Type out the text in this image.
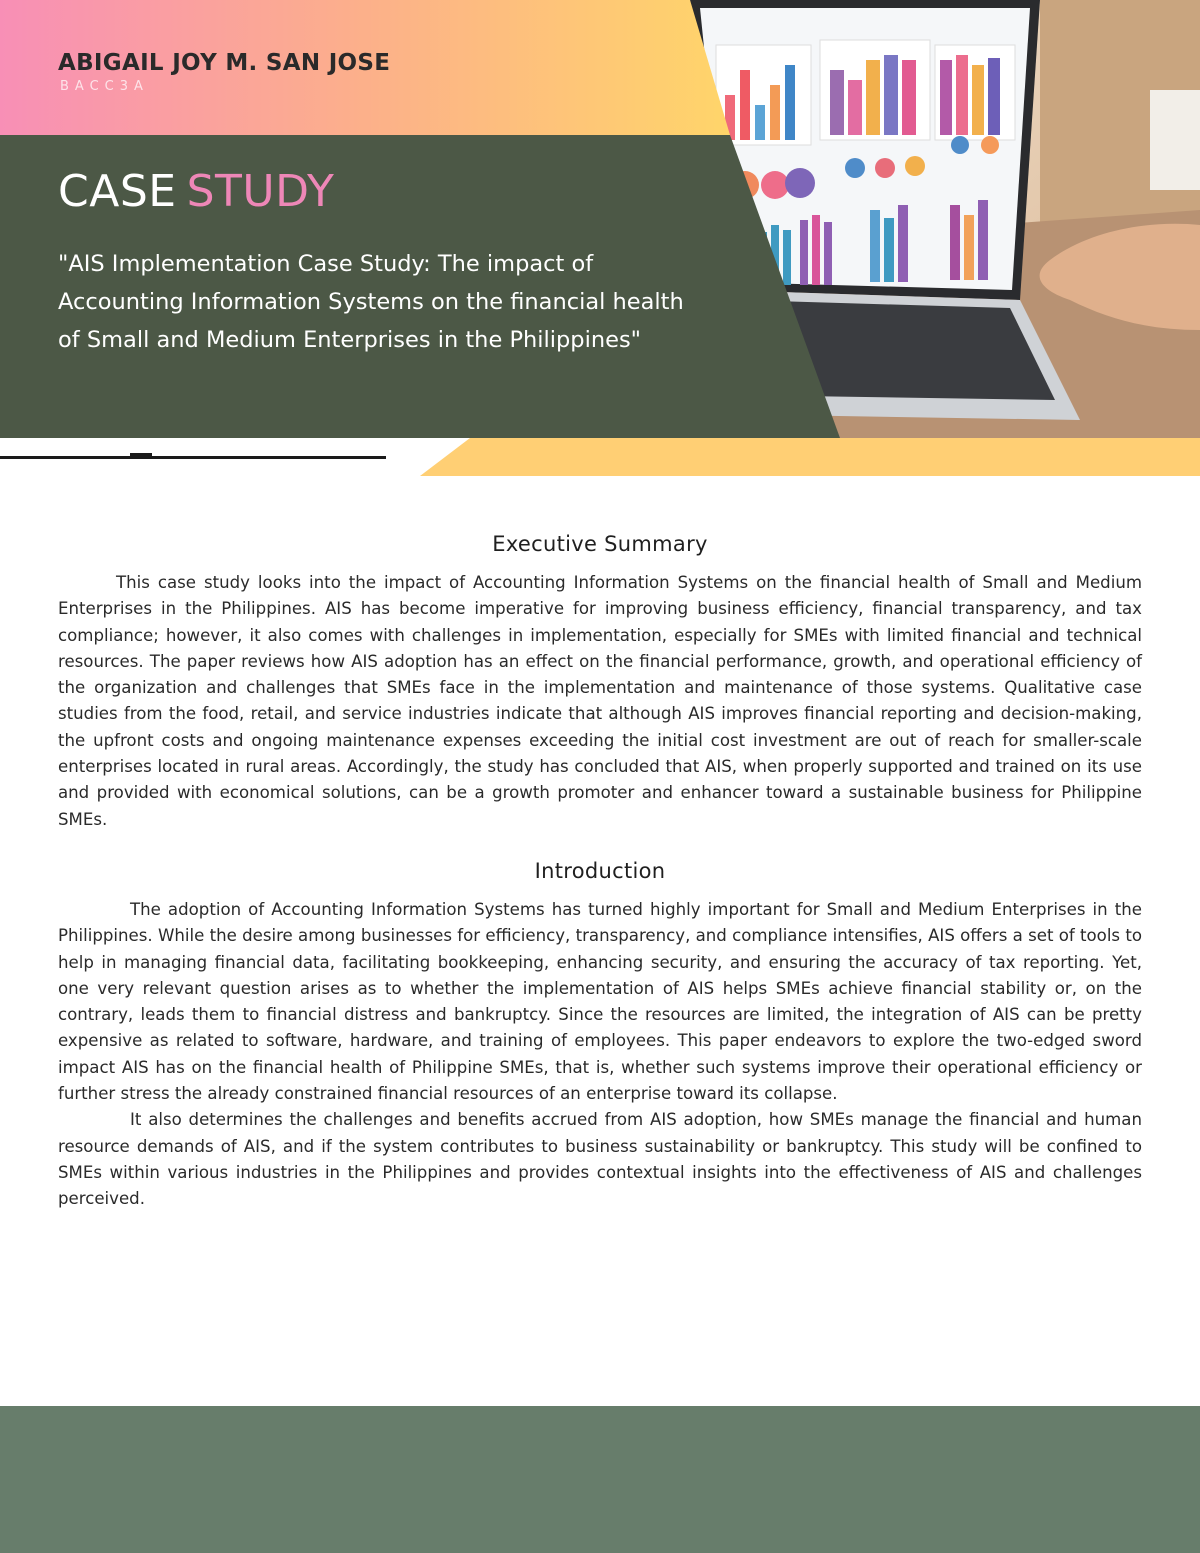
ABIGAIL JOY M. SAN JOSE
BACC3A
CASE STUDY
"AIS Implementation Case Study: The impact of Accounting Information Systems on the financial health of Small and Medium Enterprises in the Philippines"
Executive Summary

This case study looks into the impact of Accounting Information Systems on the financial health of Small and Medium Enterprises in the Philippines. AIS has become imperative for improving business efficiency, financial transparency, and tax compliance; however, it also comes with challenges in implementation, especially for SMEs with limited financial and technical resources. The paper reviews how AIS adoption has an effect on the financial performance, growth, and operational efficiency of the organization and challenges that SMEs face in the implementation and maintenance of those systems. Qualitative case studies from the food, retail, and service industries indicate that although AIS improves financial reporting and decision-making, the upfront costs and ongoing maintenance expenses exceeding the initial cost investment are out of reach for smaller-scale enterprises located in rural areas. Accordingly, the study has concluded that AIS, when properly supported and trained on its use and provided with economical solutions, can be a growth promoter and enhancer toward a sustainable business for Philippine SMEs.

Introduction

The adoption of Accounting Information Systems has turned highly important for Small and Medium Enterprises in the Philippines. While the desire among businesses for efficiency, transparency, and compliance intensifies, AIS offers a set of tools to help in managing financial data, facilitating bookkeeping, enhancing security, and ensuring the accuracy of tax reporting. Yet, one very relevant question arises as to whether the implementation of AIS helps SMEs achieve financial stability or, on the contrary, leads them to financial distress and bankruptcy. Since the resources are limited, the integration of AIS can be pretty expensive as related to software, hardware, and training of employees. This paper endeavors to explore the two-edged sword impact AIS has on the financial health of Philippine SMEs, that is, whether such systems improve their operational efficiency or further stress the already constrained financial resources of an enterprise toward its collapse.

It also determines the challenges and benefits accrued from AIS adoption, how SMEs manage the financial and human resource demands of AIS, and if the system contributes to business sustainability or bankruptcy. This study will be confined to SMEs within various industries in the Philippines and provides contextual insights into the effectiveness of AIS and challenges perceived.
